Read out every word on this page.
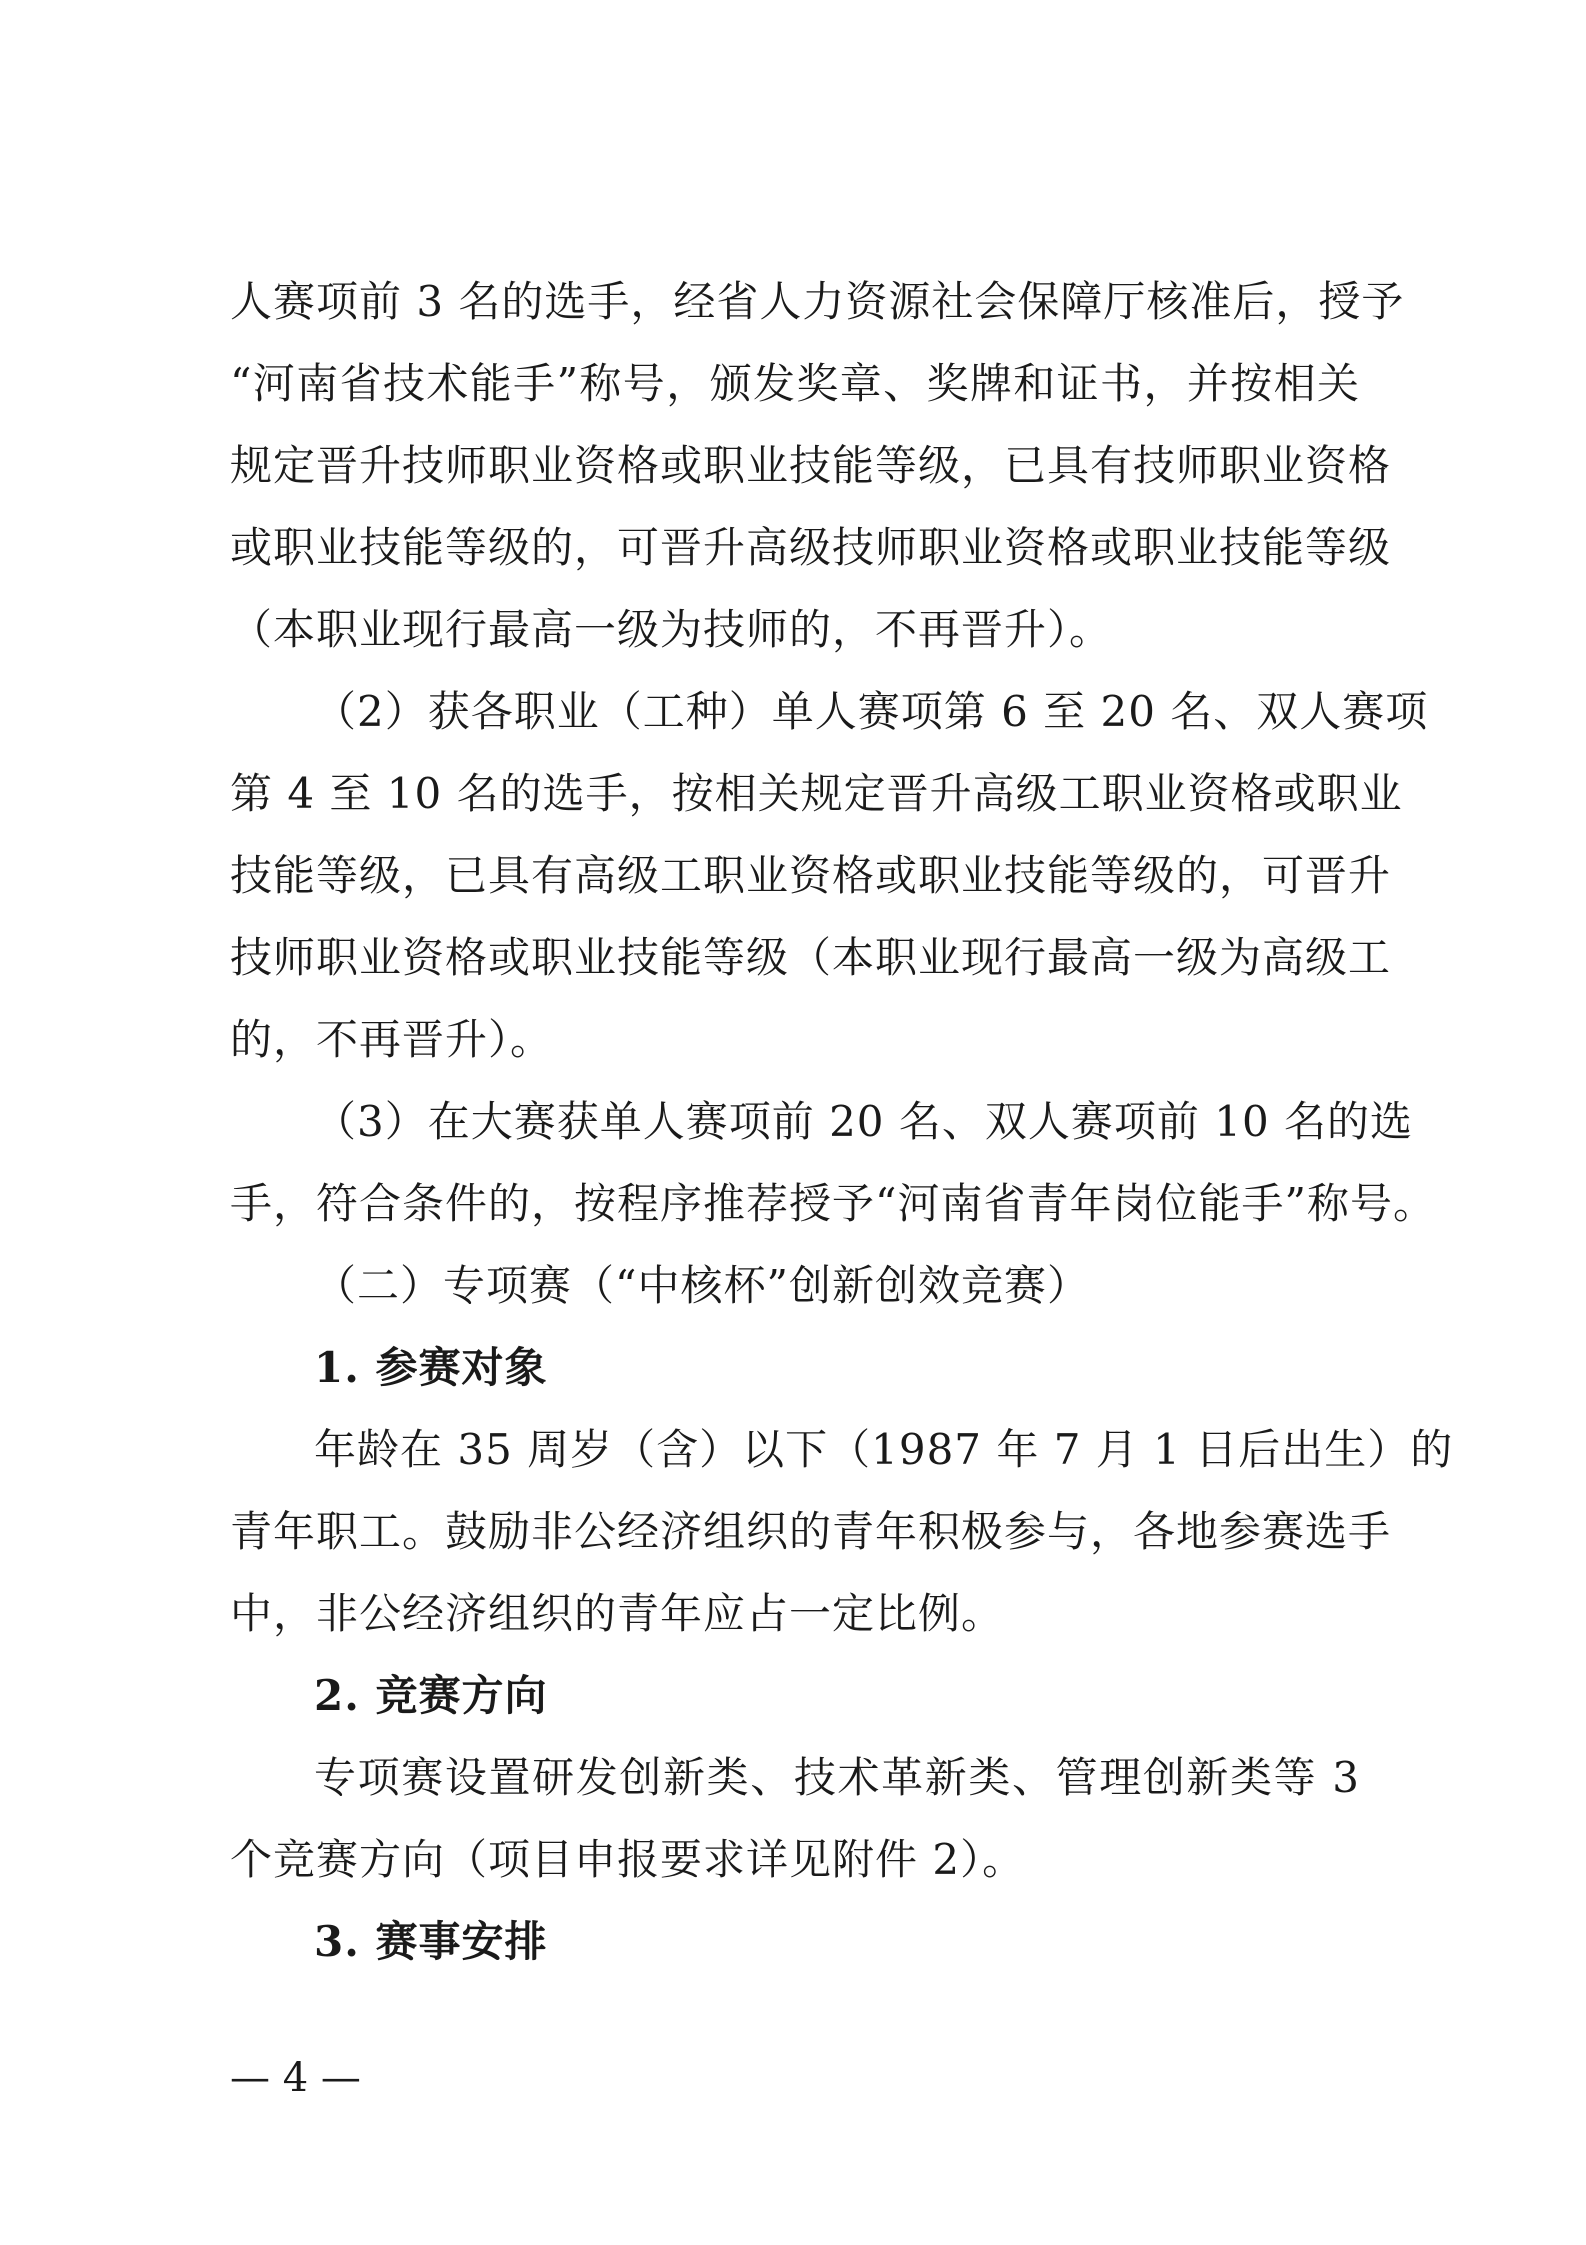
人赛项前 3 名的选手，经省人力资源社会保障厅核准后，授予
“河南省技术能手”称号，颁发奖章、奖牌和证书，并按相关
规定晋升技师职业资格或职业技能等级，已具有技师职业资格
或职业技能等级的，可晋升高级技师职业资格或职业技能等级
（本职业现行最高一级为技师的，不再晋升）。
（2）获各职业（工种）单人赛项第 6 至 20 名、双人赛项
第 4 至 10 名的选手，按相关规定晋升高级工职业资格或职业
技能等级，已具有高级工职业资格或职业技能等级的，可晋升
技师职业资格或职业技能等级（本职业现行最高一级为高级工
的，不再晋升）。
（3）在大赛获单人赛项前 20 名、双人赛项前 10 名的选
手，符合条件的，按程序推荐授予“河南省青年岗位能手”称号。
（二）专项赛（“中核杯”创新创效竞赛）
1. 参赛对象
年龄在 35 周岁（含）以下（1987 年 7 月 1 日后出生）的
青年职工。鼓励非公经济组织的青年积极参与，各地参赛选手
中，非公经济组织的青年应占一定比例。
2. 竞赛方向
专项赛设置研发创新类、技术革新类、管理创新类等 3
个竞赛方向（项目申报要求详见附件 2）。
3. 赛事安排
— 4 —
